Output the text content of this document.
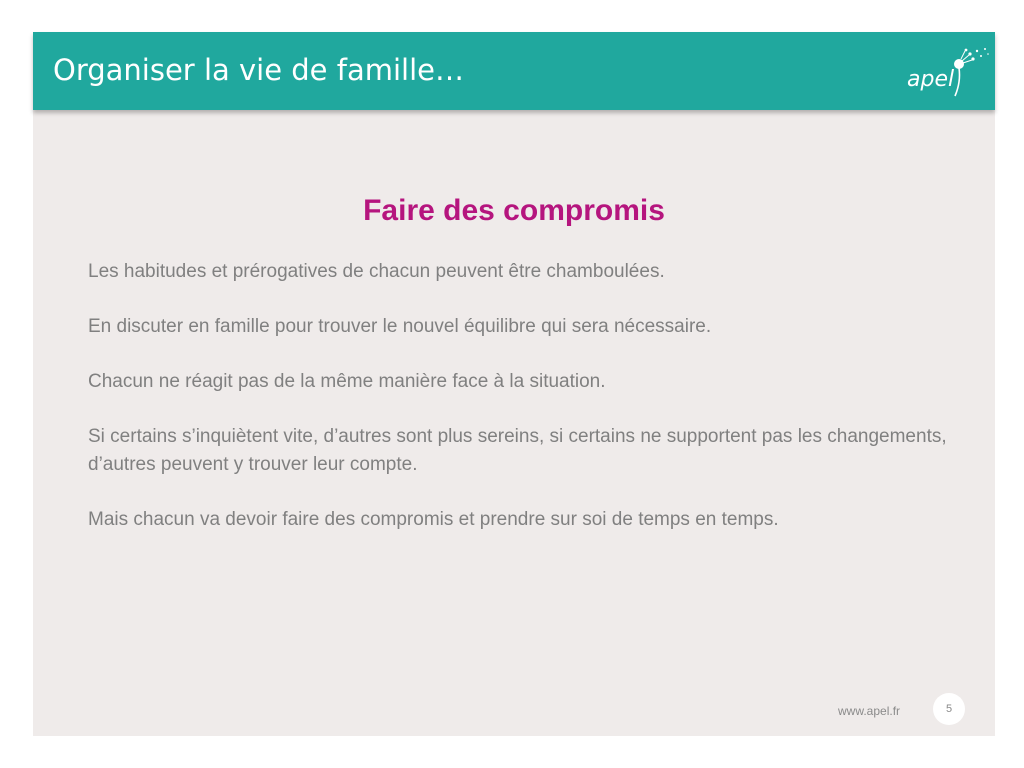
Organiser la vie de famille…	apel
Faire des compromis

Les habitudes et prérogatives de chacun peuvent être chamboulées.

En discuter en famille pour trouver le nouvel équilibre qui sera nécessaire.

Chacun ne réagit pas de la même manière face à la situation.

Si certains s’inquiètent vite, d’autres sont plus sereins, si certains ne supportent pas les changements, d’autres peuvent y trouver leur compte.

Mais chacun va devoir faire des compromis et prendre sur soi de temps en temps.

www.apel.fr	5
